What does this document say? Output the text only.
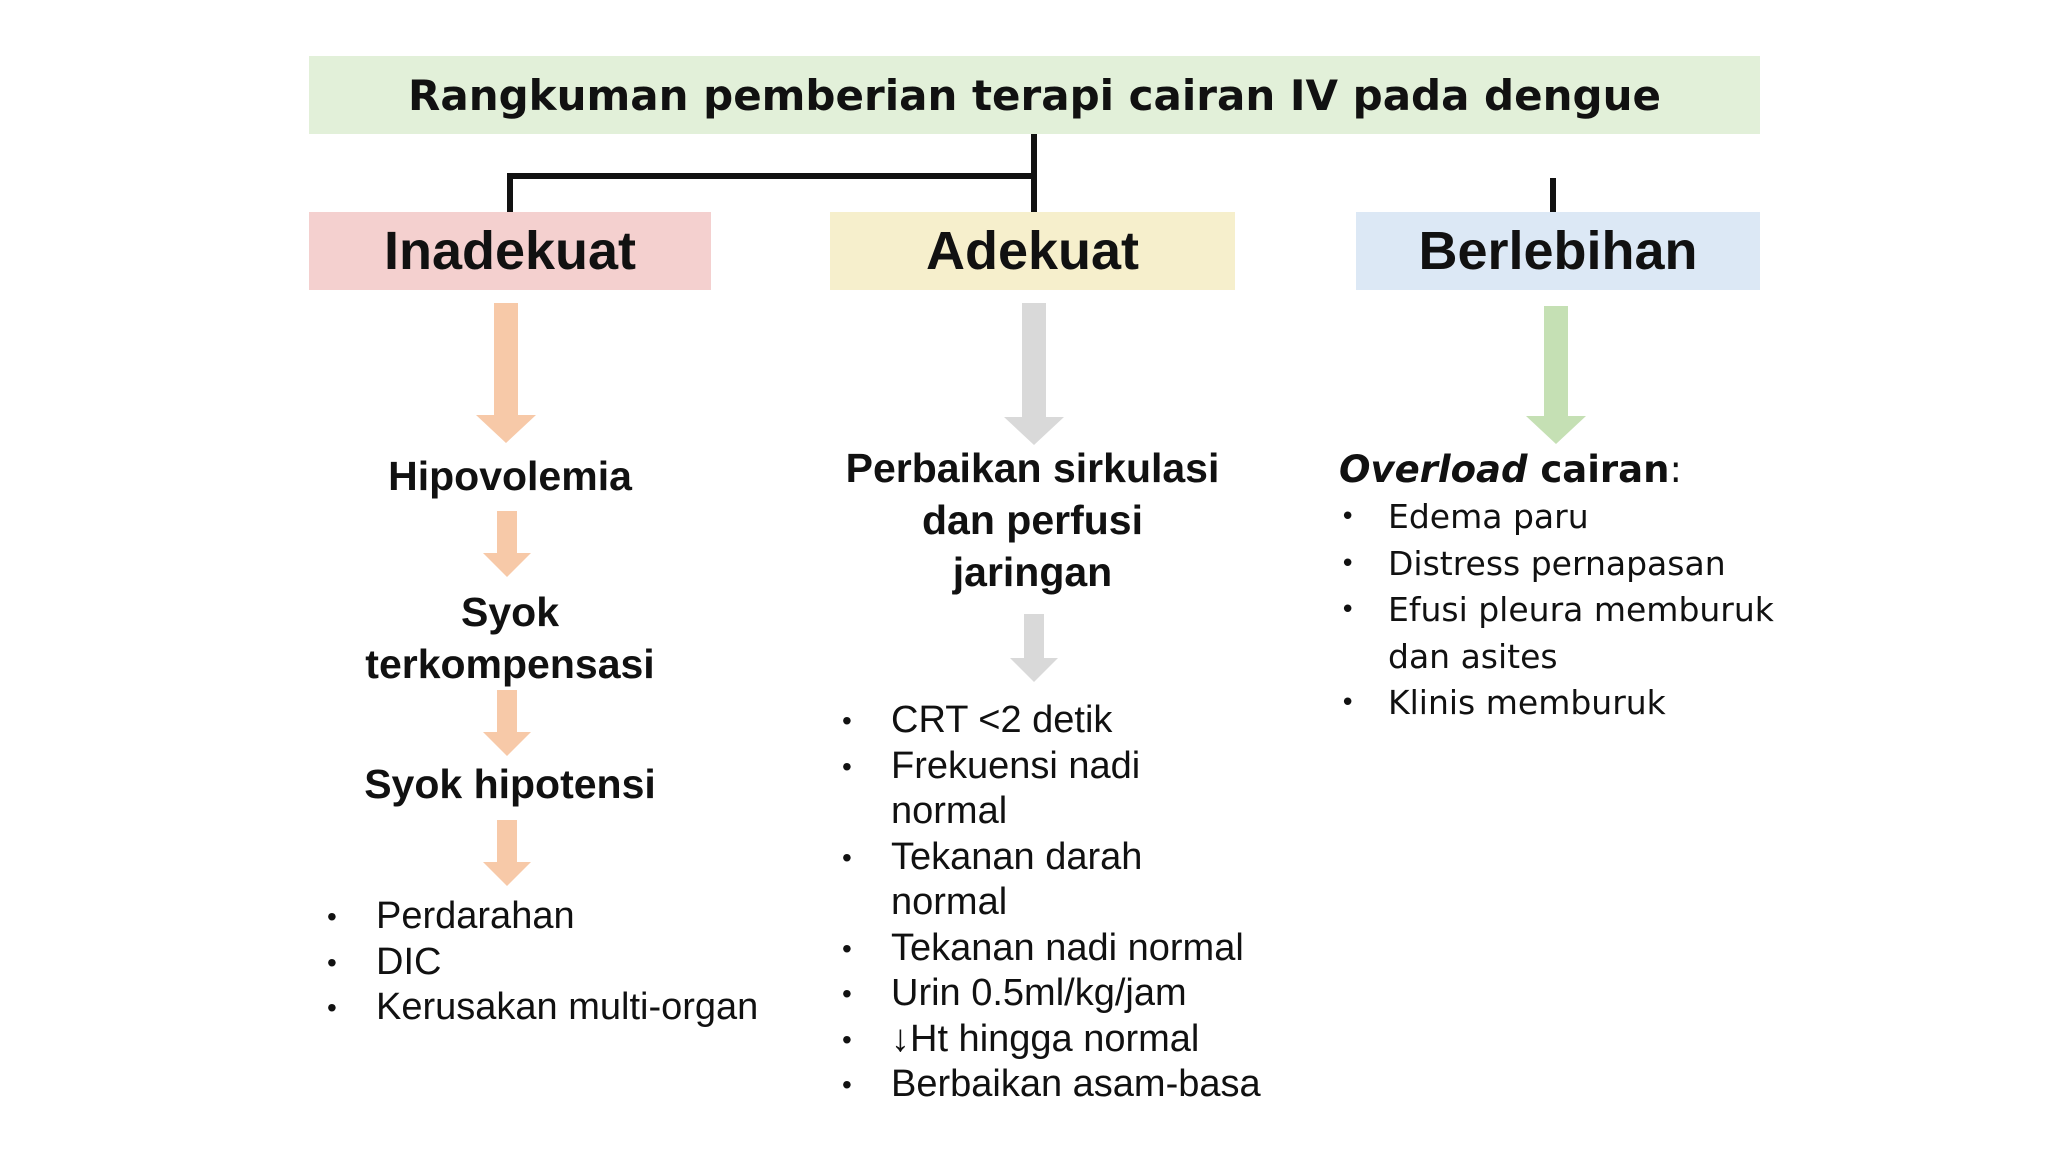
Rangkuman pemberian terapi cairan IV pada dengue
Inadekuat	Adekuat	Berlebihan
Hipovolemia
Syok
terkompensasi
Syok hipotensi
• Perdarahan
• DIC
• Kerusakan multi-organ
Perbaikan sirkulasi
dan perfusi
jaringan
• CRT <2 detik
• Frekuensi nadi
normal
• Tekanan darah
normal
• Tekanan nadi normal
• Urin 0.5ml/kg/jam
• ↓Ht hingga normal
• Berbaikan asam-basa
Overload cairan:
• Edema paru
• Distress pernapasan
• Efusi pleura memburuk
dan asites
• Klinis memburuk
